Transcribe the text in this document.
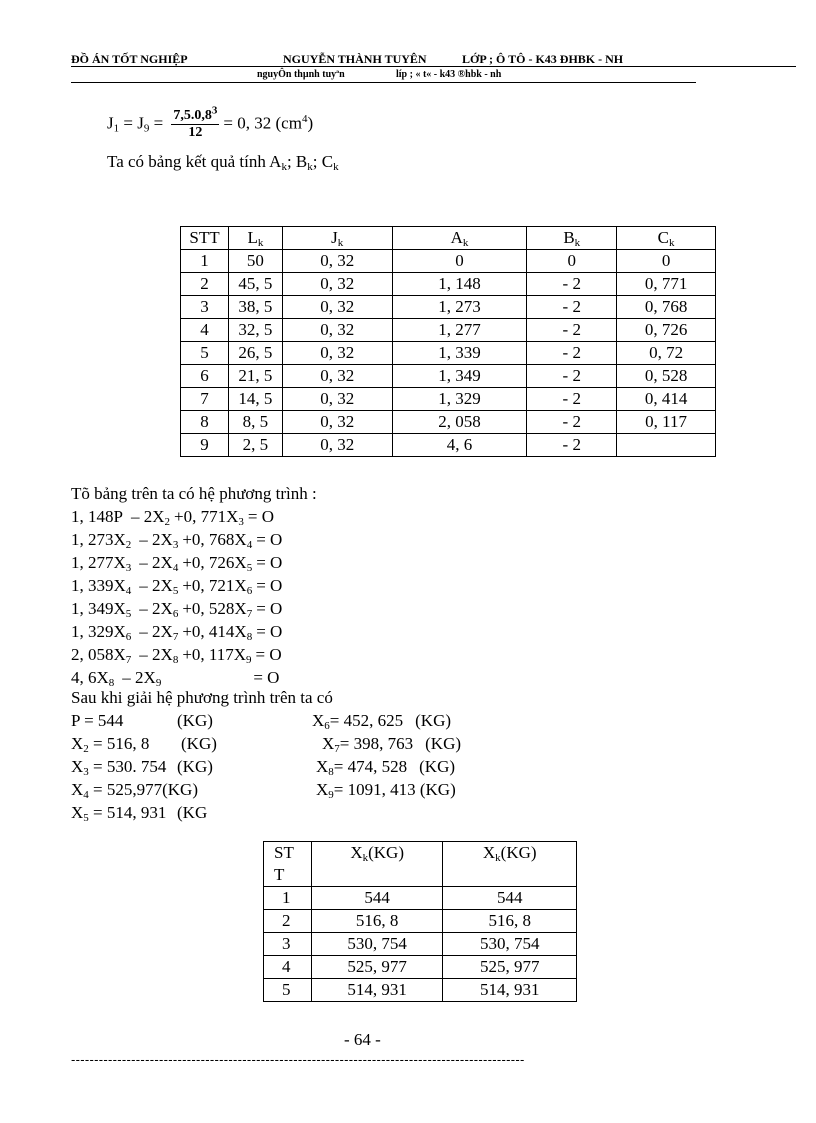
ĐỒ ÁN TỐT NGHIỆP	NGUYỄN THÀNH TUYÊN	LỚP ; Ô TÔ - K43 ĐHBK - NH
nguyÔn thµnh tuyªn	líp ; « t« - k43 ®hbk - nh
$J_1 = J_9 = \frac{7,5.0,8^3}{12} = 0$, 32 $(cm^4)$
Ta có bảng kết quả tính $A_k$; $B_k$; $C_k$
STT	$L_k$	$J_k$	$A_k$	$B_k$	$C_k$
1	50	0, 32	0	0	0
2	45, 5	0, 32	1, 148	- 2	0, 771
3	38, 5	0, 32	1, 273	- 2	0, 768
4	32, 5	0, 32	1, 277	- 2	0, 726
5	26, 5	0, 32	1, 339	- 2	0, 72
6	21, 5	0, 32	1, 349	- 2	0, 528
7	14, 5	0, 32	1, 329	- 2	0, 414
8	8, 5	0, 32	2, 058	- 2	0, 117
9	2, 5	0, 32	4, 6	- 2	
Tõ bảng trên ta có hệ phương trình :
1, $148P - 2X_2 +0$, $771X_3 = O$
1, $273X_2 - 2X_3 +0$, $768X_4 = O$
1, $277X_3 - 2X_4 +0$, $726X_5 = O$
1, $339X_4 - 2X_5 +0$, $721X_6 = O$
1, $349X_5 - 2X_6 +0$, $528X_7 = O$
1, $329X_6 - 2X_7 +0$, $414X_8 = O$
2, $058X_7 - 2X_8 +0$, $117X_9 = O$
4, $6X_8 - 2X_9$	= O
Sau khi giải hệ phương trình trên ta có
P = 544	(KG)
$X_2 = 516$, 8 (KG)
$X_3 = 530$. 754 (KG)
$X_4 = 525,977(KG)$
$X_5 = 514$, 931 (KG
$X_6= 452$, 625 (KG)
$X_7= 398$, 763 (KG)
$X_8= 474$, 528 (KG)
$X_9= 1091$, 413 (KG)
ST
T	$X_k(KG)$	$X_k(KG)$
1	544	544
2	516, 8	516, 8
3	530, 754	530, 754
4	525, 977	525, 977
5	514, 931	514, 931
- 64 -
--------------------------------------------------------------------------------------------------
